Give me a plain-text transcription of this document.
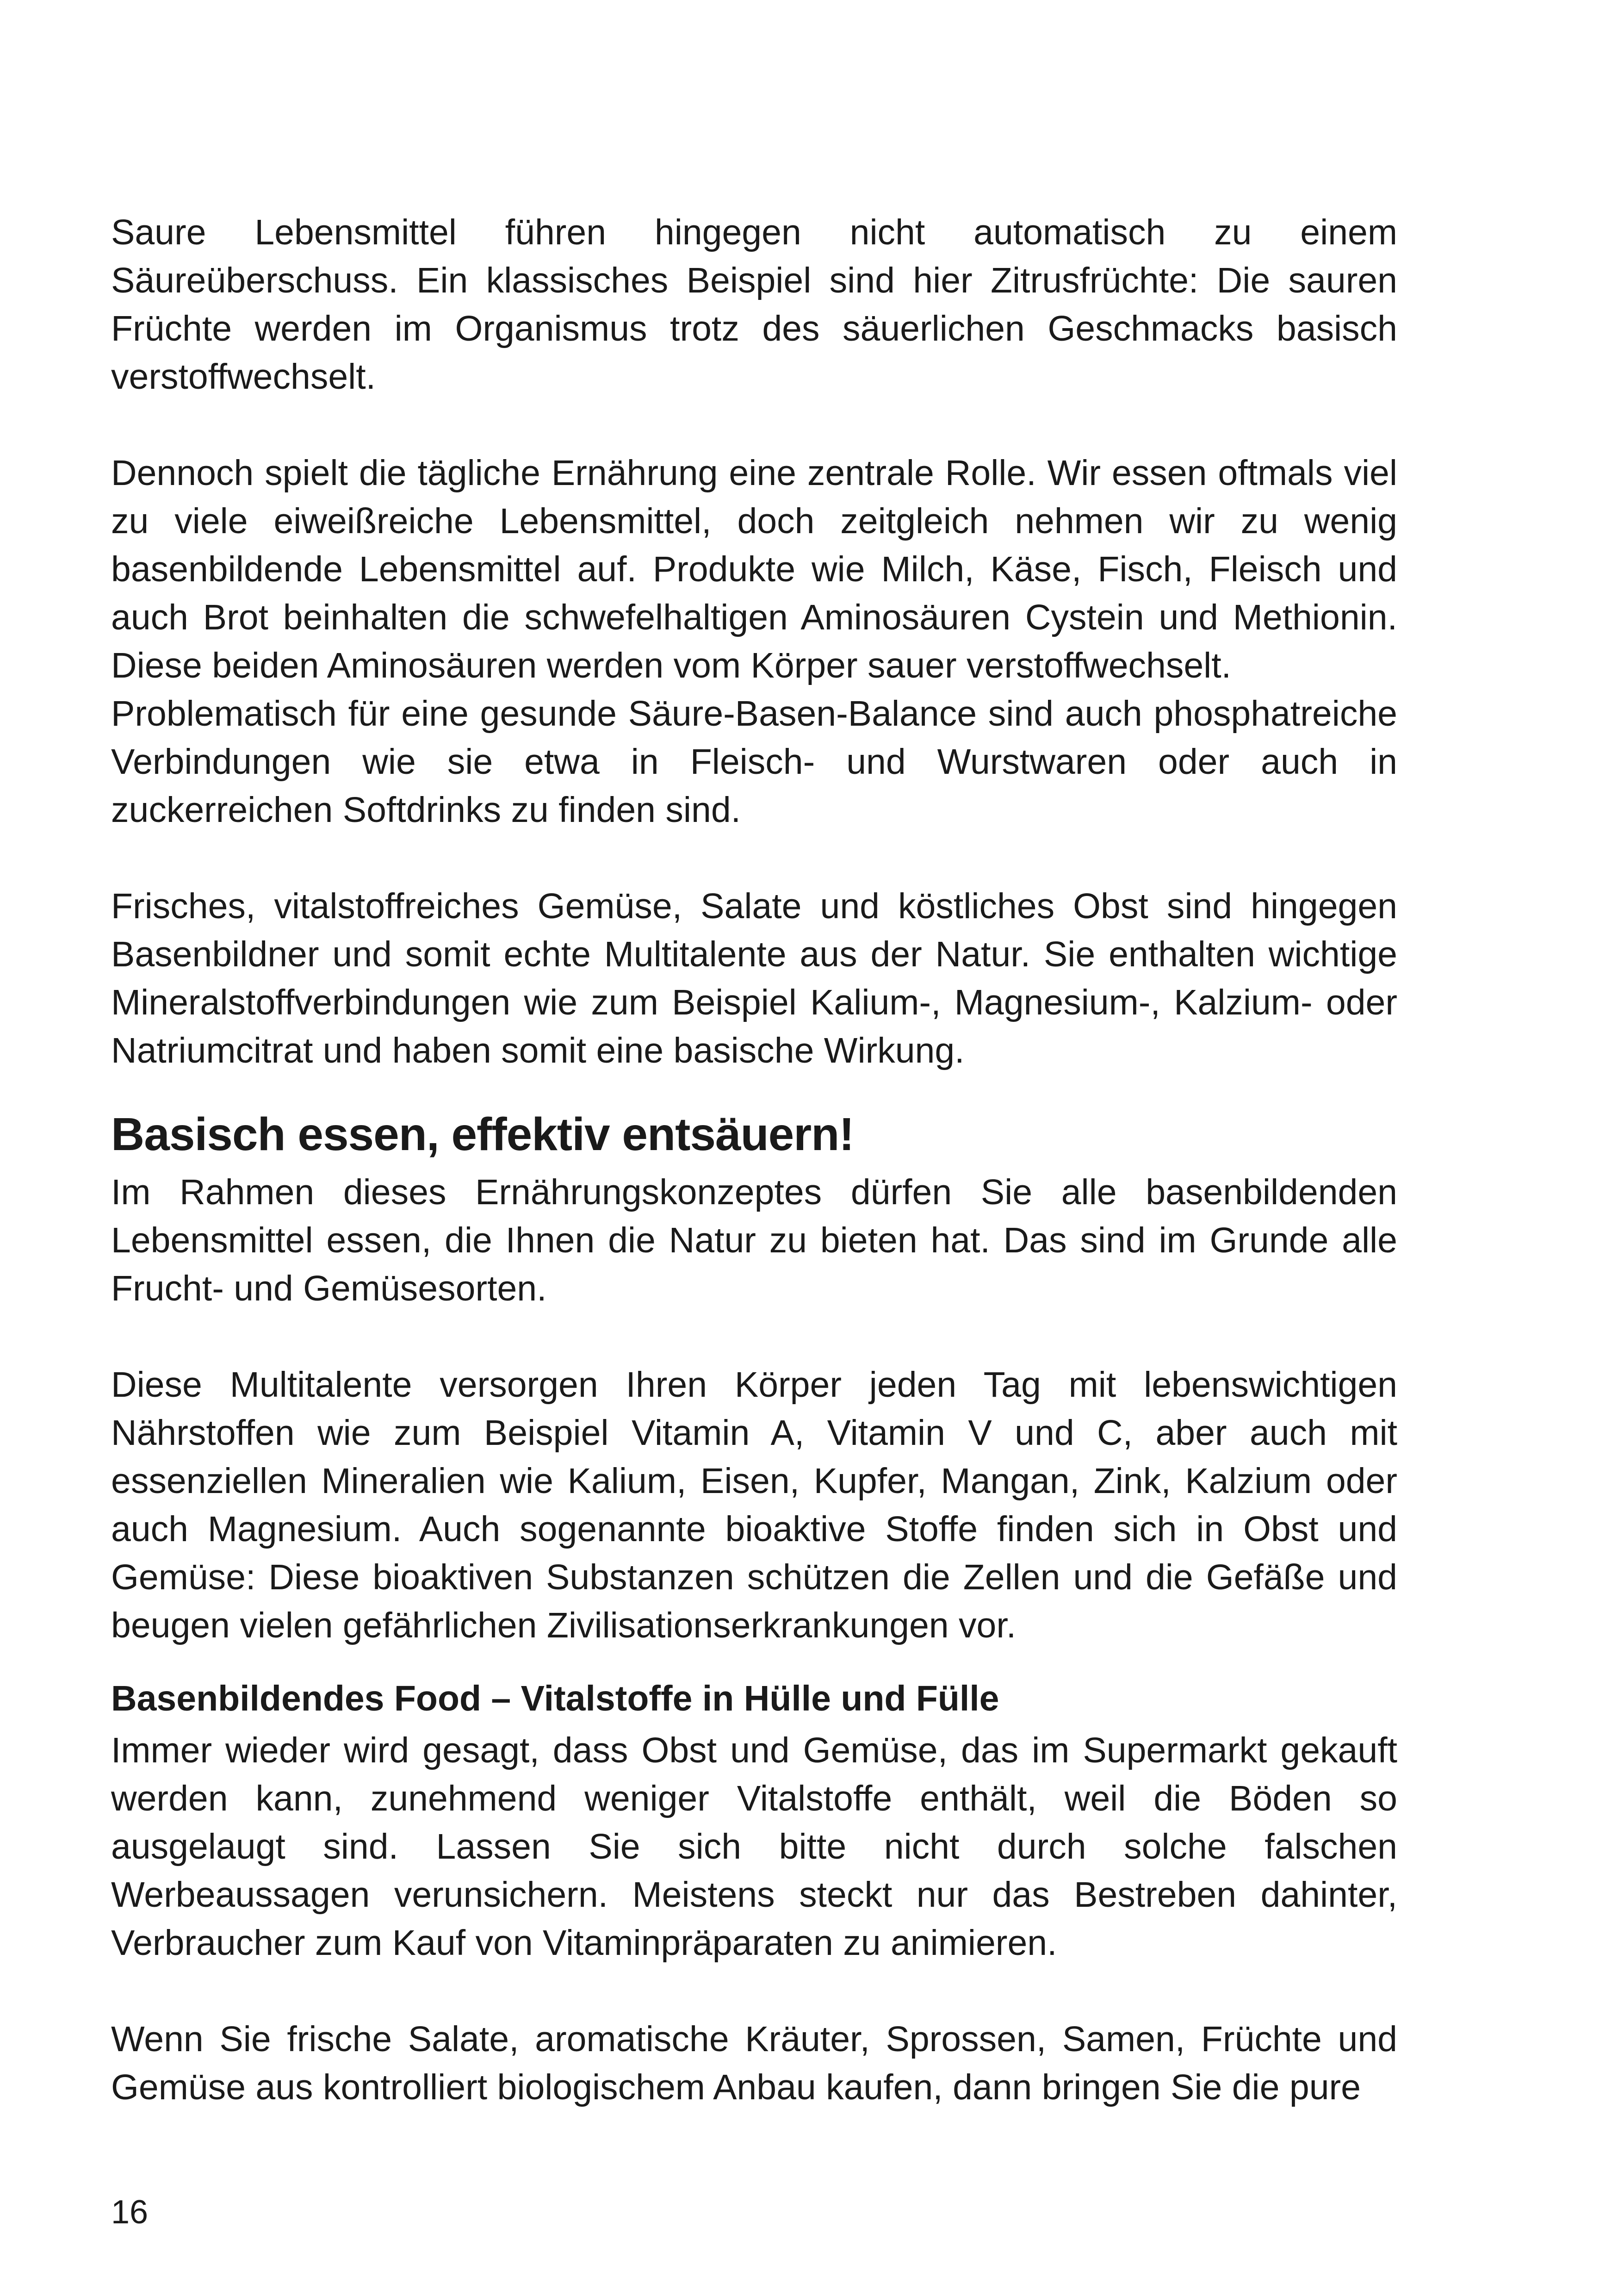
Saure Lebensmittel führen hingegen nicht automatisch zu einem Säureüberschuss. Ein klassisches Beispiel sind hier Zitrusfrüchte: Die sauren Früchte werden im Organismus trotz des säuerlichen Geschmacks basisch verstoffwechselt.

Dennoch spielt die tägliche Ernährung eine zentrale Rolle. Wir essen oftmals viel zu viele eiweißreiche Lebensmittel, doch zeitgleich nehmen wir zu wenig basenbildende Lebensmittel auf. Produkte wie Milch, Käse, Fisch, Fleisch und auch Brot beinhalten die schwefelhaltigen Aminosäuren Cystein und Methionin. Diese beiden Aminosäuren werden vom Körper sauer verstoffwechselt.

Problematisch für eine gesunde Säure-Basen-Balance sind auch phosphatreiche Verbindungen wie sie etwa in Fleisch- und Wurstwaren oder auch in zuckerreichen Softdrinks zu finden sind.

Frisches, vitalstoffreiches Gemüse, Salate und köstliches Obst sind hingegen Basenbildner und somit echte Multitalente aus der Natur. Sie enthalten wichtige Mineralstoffverbindungen wie zum Beispiel Kalium-, Magnesium-, Kalzium- oder Natriumcitrat und haben somit eine basische Wirkung.

Basisch essen, effektiv entsäuern!

Im Rahmen dieses Ernährungskonzeptes dürfen Sie alle basenbildenden Lebensmittel essen, die Ihnen die Natur zu bieten hat. Das sind im Grunde alle Frucht- und Gemüsesorten.

Diese Multitalente versorgen Ihren Körper jeden Tag mit lebenswichtigen Nährstoffen wie zum Beispiel Vitamin A, Vitamin V und C, aber auch mit essenziellen Mineralien wie Kalium, Eisen, Kupfer, Mangan, Zink, Kalzium oder auch Magnesium. Auch sogenannte bioaktive Stoffe finden sich in Obst und Gemüse: Diese bioaktiven Substanzen schützen die Zellen und die Gefäße und beugen vielen gefährlichen Zivilisationserkrankungen vor.

Basenbildendes Food – Vitalstoffe in Hülle und Fülle

Immer wieder wird gesagt, dass Obst und Gemüse, das im Supermarkt gekauft werden kann, zunehmend weniger Vitalstoffe enthält, weil die Böden so ausgelaugt sind. Lassen Sie sich bitte nicht durch solche falschen Werbeaussagen verunsichern. Meistens steckt nur das Bestreben dahinter, Verbraucher zum Kauf von Vitaminpräparaten zu animieren.

Wenn Sie frische Salate, aromatische Kräuter, Sprossen, Samen, Früchte und Gemüse aus kontrolliert biologischem Anbau kaufen, dann bringen Sie die pure

16
